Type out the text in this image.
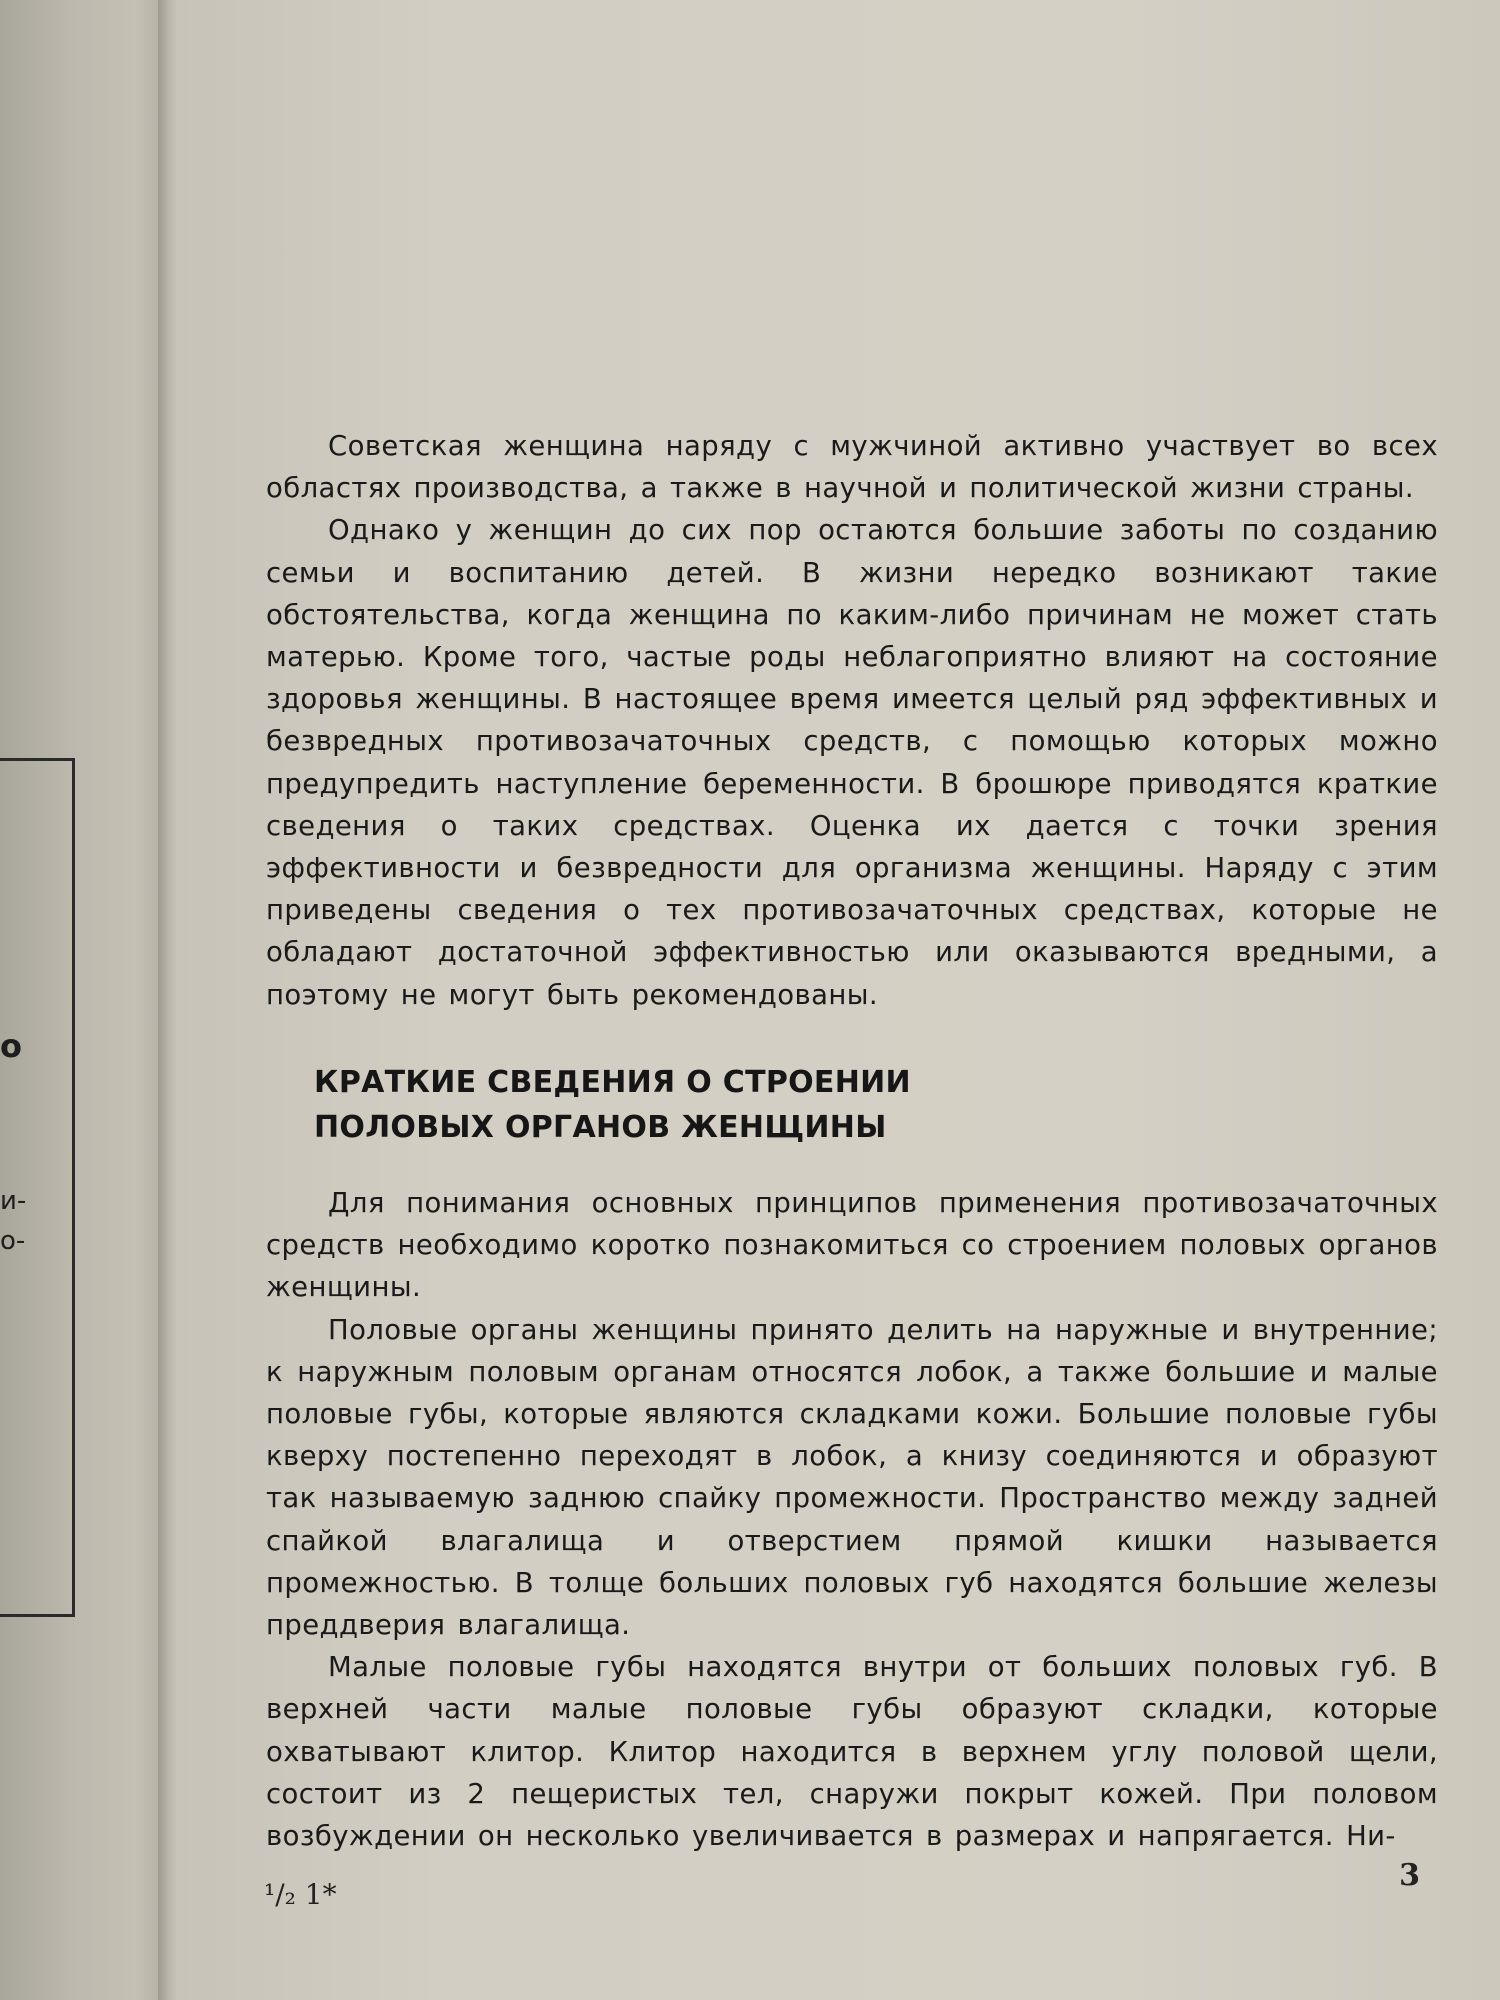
о
и-
о-

Советская женщина наряду с мужчиной активно участвует во всех областях производства, а также в научной и политической жизни страны.

Однако у женщин до сих пор остаются большие заботы по созданию семьи и воспитанию детей. В жизни нередко возникают такие обстоятельства, когда женщина по каким-либо причинам не может стать матерью. Кроме того, частые роды неблагоприятно влияют на состояние здоровья женщины. В настоящее время имеется целый ряд эффективных и безвредных противозачаточных средств, с помощью которых можно предупредить наступление беременности. В брошюре приводятся краткие сведения о таких средствах. Оценка их дается с точки зрения эффективности и безвредности для организма женщины. Наряду с этим приведены сведения о тех противозачаточных средствах, которые не обладают достаточной эффективностью или оказываются вредными, а поэтому не могут быть рекомендованы.

КРАТКИЕ СВЕДЕНИЯ О СТРОЕНИИ
ПОЛОВЫХ ОРГАНОВ ЖЕНЩИНЫ

Для понимания основных принципов применения противозачаточных средств необходимо коротко познакомиться со строением половых органов женщины.

Половые органы женщины принято делить на наружные и внутренние; к наружным половым органам относятся лобок, а также большие и малые половые губы, которые являются складками кожи. Большие половые губы кверху постепенно переходят в лобок, а книзу соединяются и образуют так называемую заднюю спайку промежности. Пространство между задней спайкой влагалища и отверстием прямой кишки называется промежностью. В толще больших половых губ находятся большие железы преддверия влагалища.

Малые половые губы находятся внутри от больших половых губ. В верхней части малые половые губы образуют складки, которые охватывают клитор. Клитор находится в верхнем углу половой щели, состоит из 2 пещеристых тел, снаружи покрыт кожей. При половом возбуждении он несколько увеличивается в размерах и напрягается. Ни-

¹/₂ 1*
3
